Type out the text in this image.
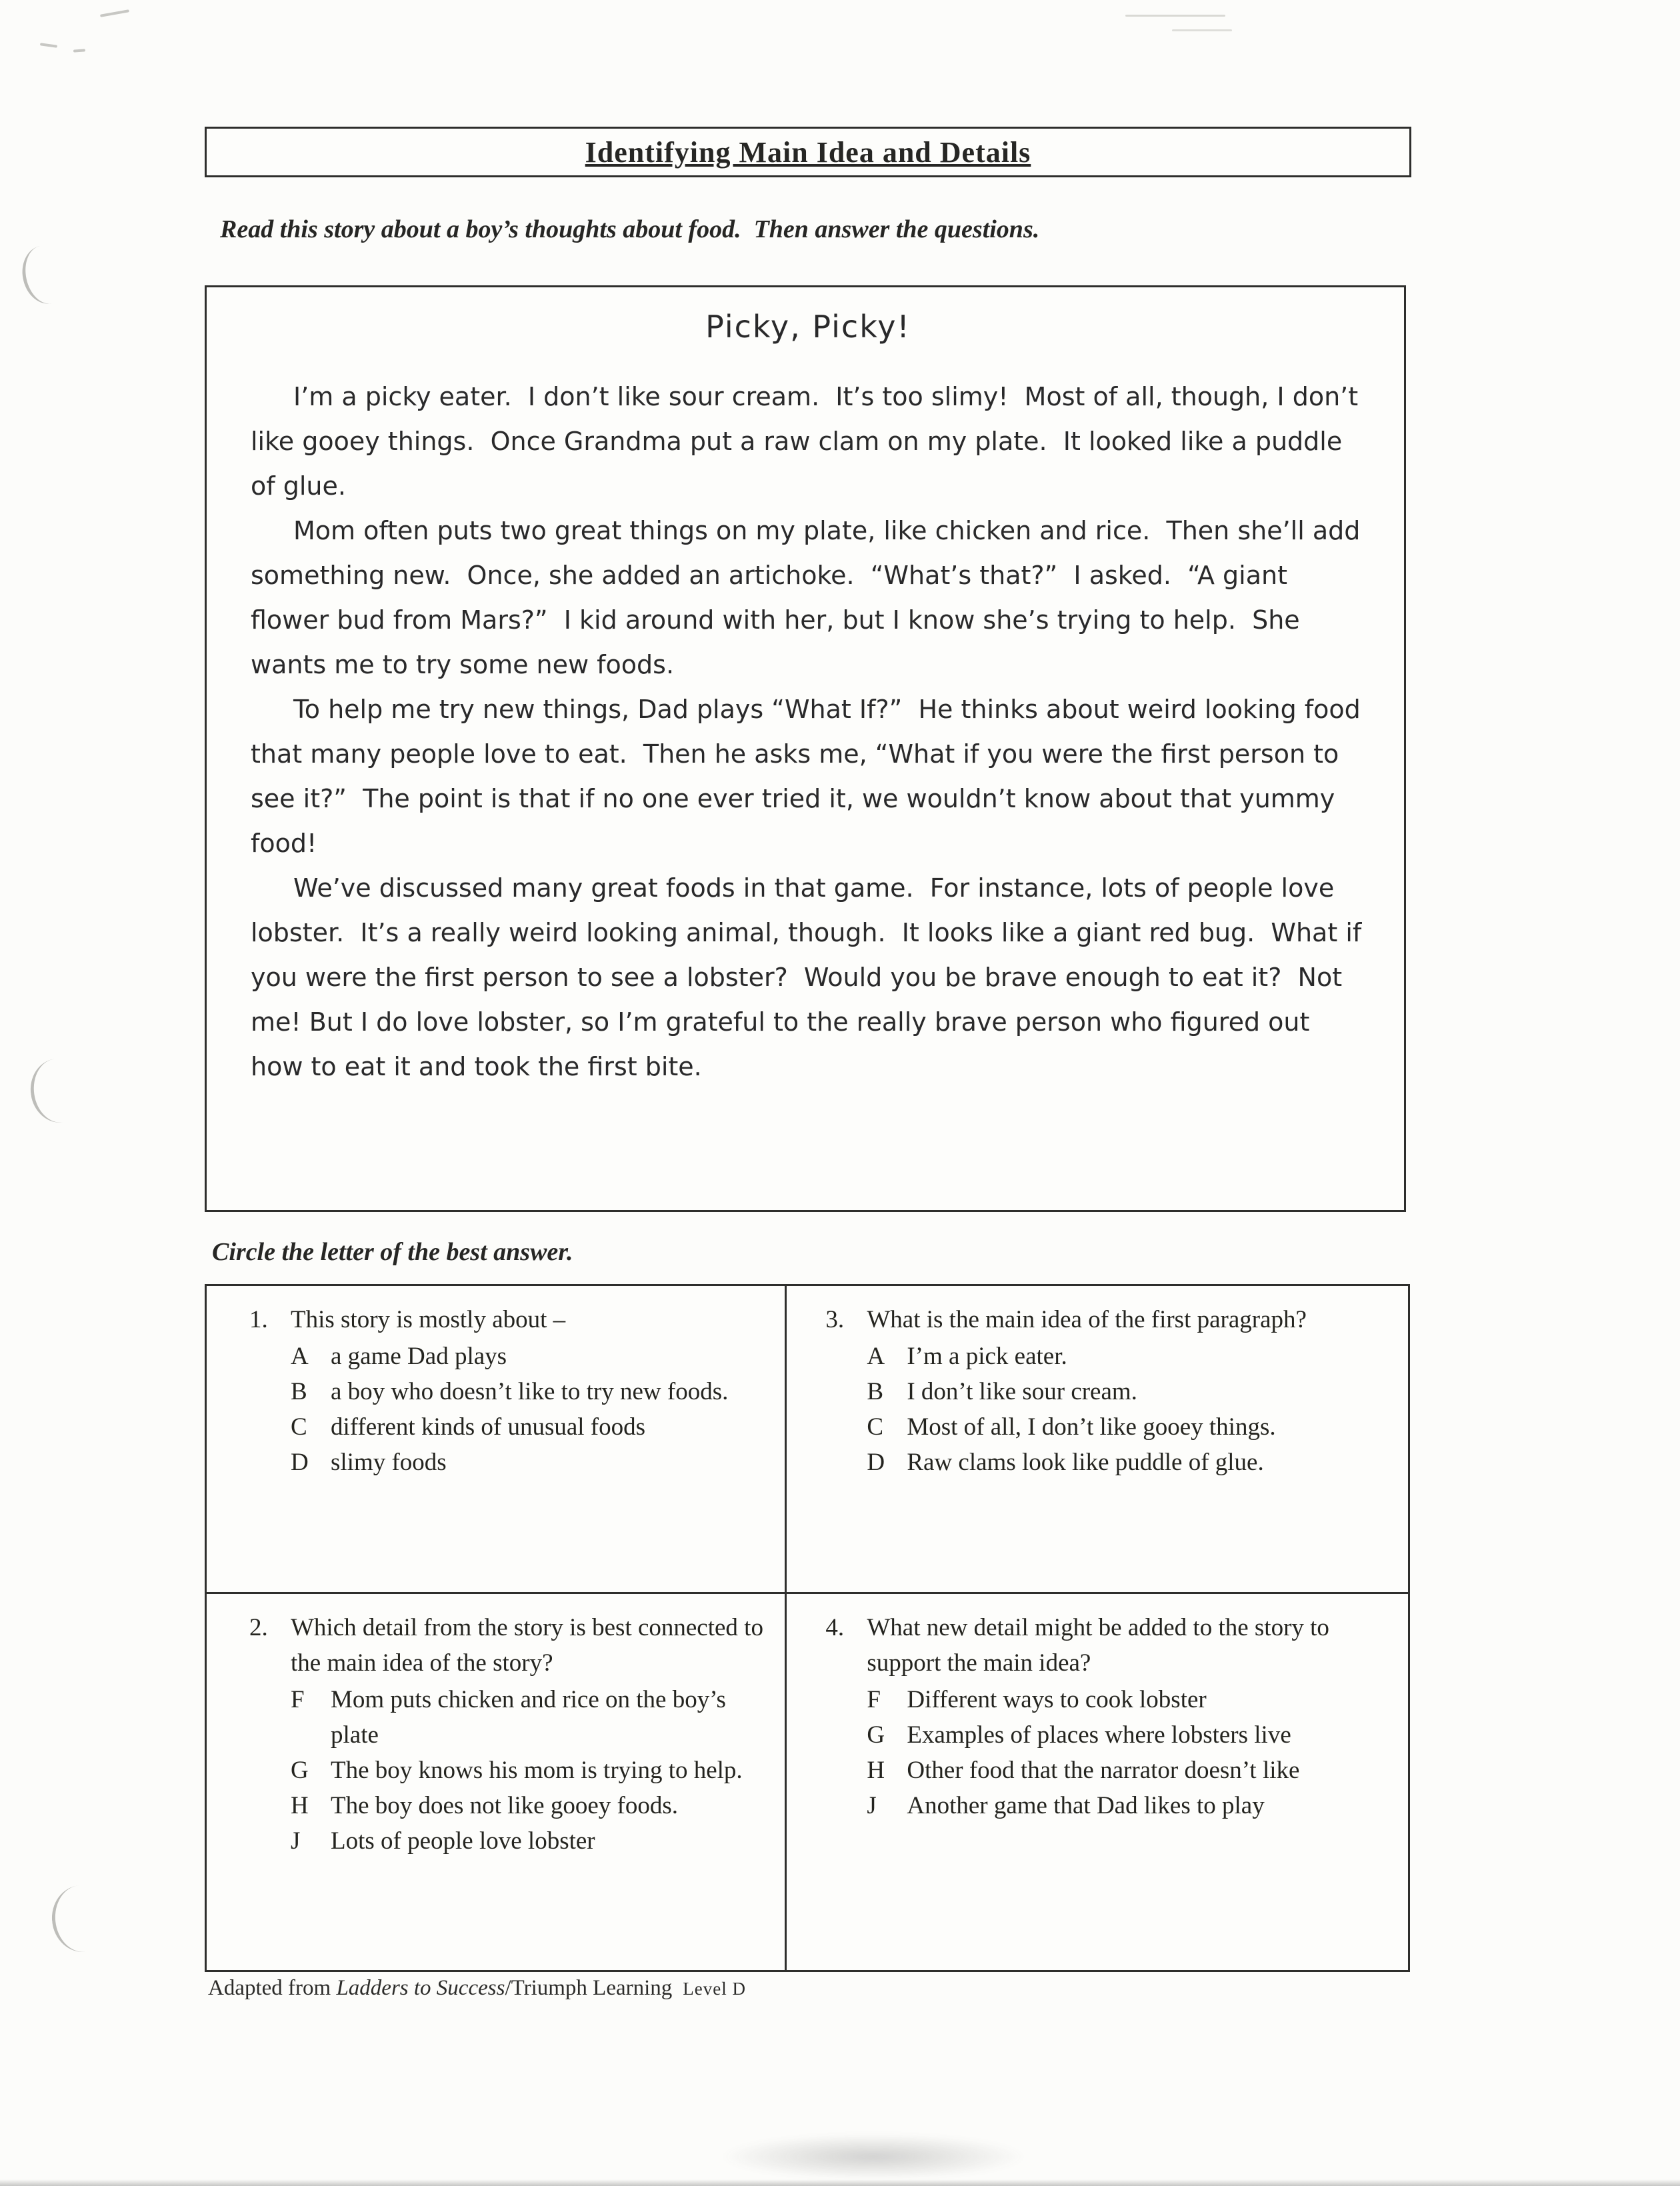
Identifying Main Idea and Details
Read this story about a boy’s thoughts about food.  Then answer the questions.
Picky, Picky!

I’m a picky eater.  I don’t like sour cream.  It’s too slimy!  Most of all, though, I don’t like gooey things.  Once Grandma put a raw clam on my plate.  It looked like a puddle of glue.

Mom often puts two great things on my plate, like chicken and rice.  Then she’ll add something new.  Once, she added an artichoke.  “What’s that?”  I asked.  “A giant flower bud from Mars?”  I kid around with her, but I know she’s trying to help.  She wants me to try some new foods.

To help me try new things, Dad plays “What If?”  He thinks about weird looking food that many people love to eat.  Then he asks me, “What if you were the first person to see it?”  The point is that if no one ever tried it, we wouldn’t know about that yummy food!

We’ve discussed many great foods in that game.  For instance, lots of people love lobster.  It’s a really weird looking animal, though.  It looks like a giant red bug.  What if you were the first person to see a lobster?  Would you be brave enough to eat it?  Not me! But I do love lobster, so I’m grateful to the really brave person who figured out how to eat it and took the first bite.

Circle the letter of the best answer.
1. This story is mostly about –
A a game Dad plays
B a boy who doesn’t like to try new foods.
C different kinds of unusual foods
D slimy foods
3. What is the main idea of the first paragraph?
A I’m a pick eater.
B I don’t like sour cream.
C Most of all, I don’t like gooey things.
D Raw clams look like puddle of glue.
2. Which detail from the story is best connected to the main idea of the story?
F	Mom puts chicken and rice on the boy’s plate
G The boy knows his mom is trying to help.
H The boy does not like gooey foods.
J	Lots of people love lobster
4. What new detail might be added to the story to support the main idea?
F	Different ways to cook lobster
G Examples of places where lobsters live
H Other food that the narrator doesn’t like
J	Another game that Dad likes to play
Adapted from Ladders to Success/Triumph Learning Level D
